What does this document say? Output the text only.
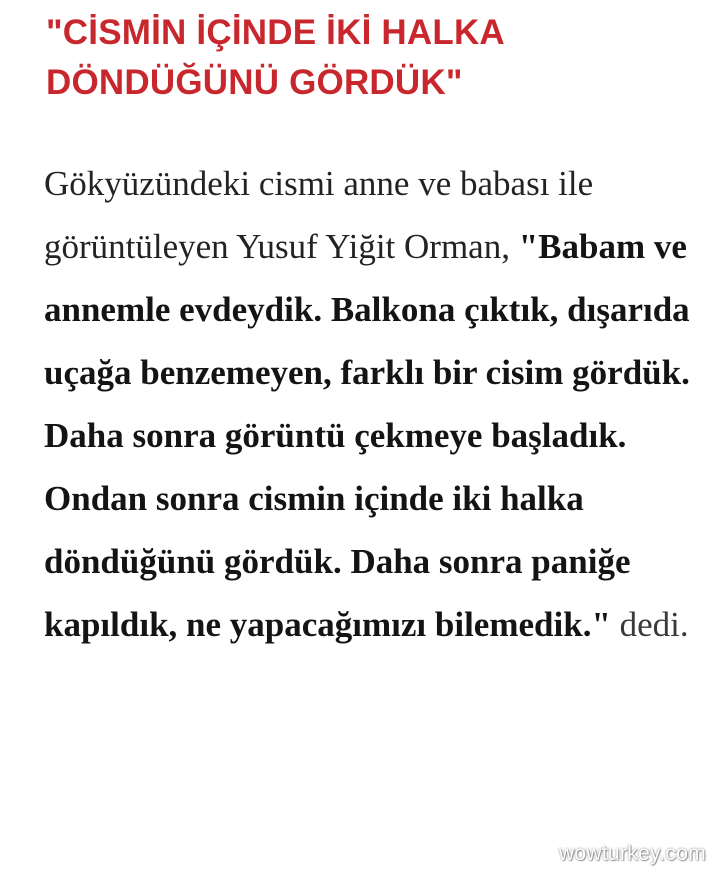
"CİSMİN İÇİNDE İKİ HALKA DÖNDÜĞÜNÜ GÖRDÜK"

Gökyüzündeki cismi anne ve babası ile görüntüleyen Yusuf Yiğit Orman, "Babam ve annemle evdeydik. Balkona çıktık, dışarıda uçağa benzemeyen, farklı bir cisim gördük. Daha sonra görüntü çekmeye başladık. Ondan sonra cismin içinde iki halka döndüğünü gördük. Daha sonra paniğe kapıldık, ne yapacağımızı bilemedik." dedi.

wowturkey.com
